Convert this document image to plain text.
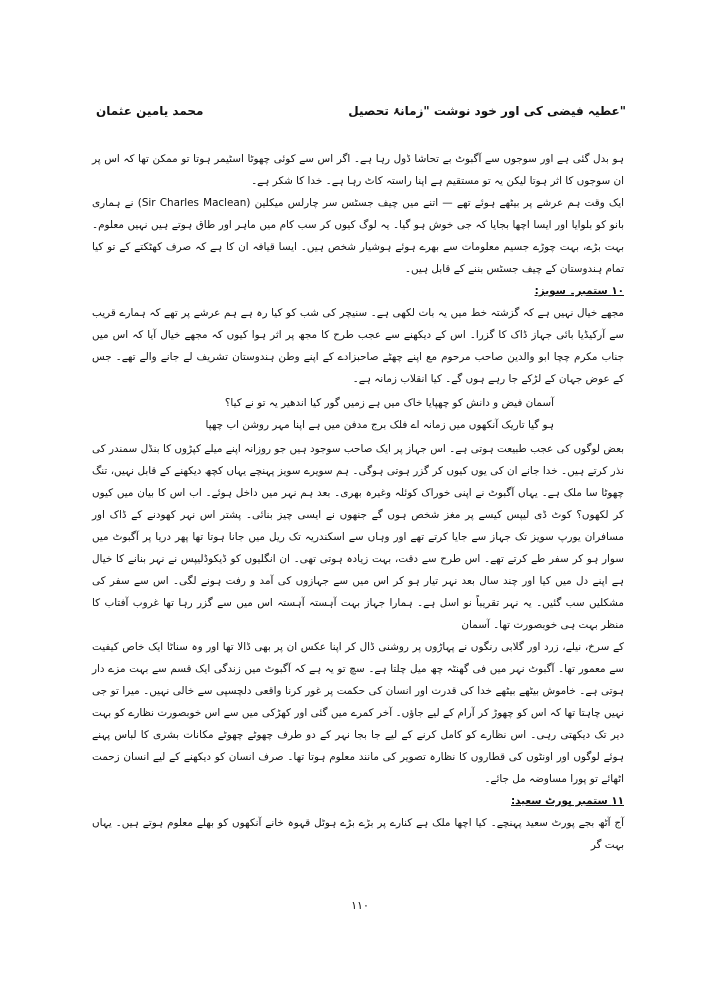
محمد یامین عثمان	عطیہ فیضی کی اور خود نوشت "زمانۂ تحصیل"

ہو بدل گئی ہے اور سوجوں سے آگبوٹ بے تحاشا ڈول رہا ہے۔ اگر اس سے کوئی چھوٹا اسٹیمر ہوتا تو ممکن تھا کہ اس پر ان سوجوں کا اثر ہوتا لیکن یہ تو مستقیم ہے اپنا راستہ کاٹ رہا ہے۔ خدا کا شکر ہے۔

ایک وقت ہم عرشے پر بیٹھے ہوئے تھے — اتنے میں چیف جسٹس سر چارلس میکلین (Sir Charles Maclean) نے ہماری بانو کو بلوایا اور ایسا اچھا بجایا کہ جی خوش ہو گیا۔ یہ لوگ کیوں کر سب کام میں ماہر اور طاق ہوتے ہیں نہیں معلوم۔ بہت بڑے، بہت چوڑے جسیم معلومات سے بھرے ہوئے ہوشیار شخص ہیں۔ ایسا قیافہ ان کا ہے کہ صرف کھٹکتے کے تو کیا تمام ہندوستان کے چیف جسٹس بننے کے قابل ہیں۔

۱۰ ستمبر۔ سویز:

مجھے خیال نہیں ہے کہ گزشتہ خط میں یہ بات لکھی ہے۔ سنیچر کی شب کو کیا رہ ہے ہم عرشے پر تھے کہ ہمارے قریب سے آرکیڈیا بائی جہاز ڈاک کا گزرا۔ اس کے دیکھنے سے عجب طرح کا مجھ پر اثر ہوا کیوں کہ مجھے خیال آیا کہ اس میں جناب مکرم چچا ابو والدین صاحب مرحوم مع اپنے چھٹے صاحبزادے کے اپنے وطن ہندوستان تشریف لے جانے والے تھے۔ جس کے عوض جہان کے لڑکے جا رہے ہوں گے۔ کیا انقلاب زمانہ ہے۔

آسمان فیض و دانش کو چھپایا خاک میں ہے زمیں گور کیا اندھیر یہ تو نے کیا؟
ہو گیا تاریک آنکھوں میں زمانہ اے فلک برج مدفن میں ہے اپنا مہر روشن اب چھپا

بعض لوگوں کی عجب طبیعت ہوتی ہے۔ اس جہاز پر ایک صاحب سوجود ہیں جو روزانہ اپنے میلے کپڑوں کا بنڈل سمندر کی نذر کرتے ہیں۔ خدا جانے ان کی یوں کیوں کر گزر ہوتی ہوگی۔ ہم سویرے سویز پہنچے یہاں کچھ دیکھنے کے قابل نہیں، تنگ چھوٹا سا ملک ہے۔ یہاں آگبوٹ نے اپنی خوراک کوئلہ وغیرہ بھری۔ بعد ہم نہر میں داخل ہوئے۔ اب اس کا بیان میں کیوں کر لکھوں؟ کوٹ ڈی لیپس کیسے پر مغز شخص ہوں گے جنھوں نے ایسی چیز بنائی۔ پشتر اس نہر کھودنے کے ڈاک اور مسافران یورپ سویز تک جہاز سے جایا کرتے تھے اور وہاں سے اسکندریہ تک ریل میں جانا ہوتا تھا پھر دریا پر آگبوٹ میں سوار ہو کر سفر طے کرتے تھے۔ اس طرح سے دقت، بہت زیادہ ہوتی تھی۔ ان انگلیوں کو ڈیکوڈلیپس نے نہر بنانے کا خیال ہے اپنے دل میں کیا اور چند سال بعد نہر تیار ہو کر اس میں سے جہازوں کی آمد و رفت ہونے لگی۔ اس سے سفر کی مشکلیں سب گئیں۔ یہ نہر تقریباً نو اسل ہے۔ ہمارا جہاز بہت آہستہ آہستہ اس میں سے گزر رہا تھا غروب آفتاب کا منظر بہت ہی خوبصورت تھا۔ آسمان

کے سرخ، نیلے، زرد اور گلابی رنگوں نے پہاڑوں پر روشنی ڈال کر اپنا عکس ان پر بھی ڈالا تھا اور وہ سناٹا ایک خاص کیفیت سے معمور تھا۔ آگبوٹ نہر میں فی گھنٹہ چھ میل چلتا ہے۔ سچ تو یہ ہے کہ آگبوٹ میں زندگی ایک قسم سے بہت مزے دار ہوتی ہے۔ خاموش بیٹھے بیٹھے خدا کی قدرت اور انسان کی حکمت پر غور کرنا واقعی دلچسپی سے خالی نہیں۔ میرا تو جی نہیں چاہتا تھا کہ اس کو چھوڑ کر آرام کے لیے جاؤں۔ آخر کمرے میں گئی اور کھڑکی میں سے اس خوبصورت نظارے کو بہت دیر تک دیکھتی رہی۔ اس نظارے کو کامل کرنے کے لیے جا بجا نہر کے دو طرف چھوٹے چھوٹے مکانات بشری کا لباس پہنے ہوئے لوگوں اور اونٹوں کی قطاروں کا نظارہ تصویر کی مانند معلوم ہوتا تھا۔ صرف انسان کو دیکھنے کے لیے انسان زحمت اٹھائے تو پورا مساوضہ مل جائے۔

۱۱ ستمبر پورٹ سعید:

آج آٹھ بجے پورٹ سعید پہنچے۔ کیا اچھا ملک ہے کنارے پر بڑے بڑے ہوٹل قہوہ خانے آنکھوں کو بھلے معلوم ہوتے ہیں۔ یہاں بہت گر

۱۱۰
